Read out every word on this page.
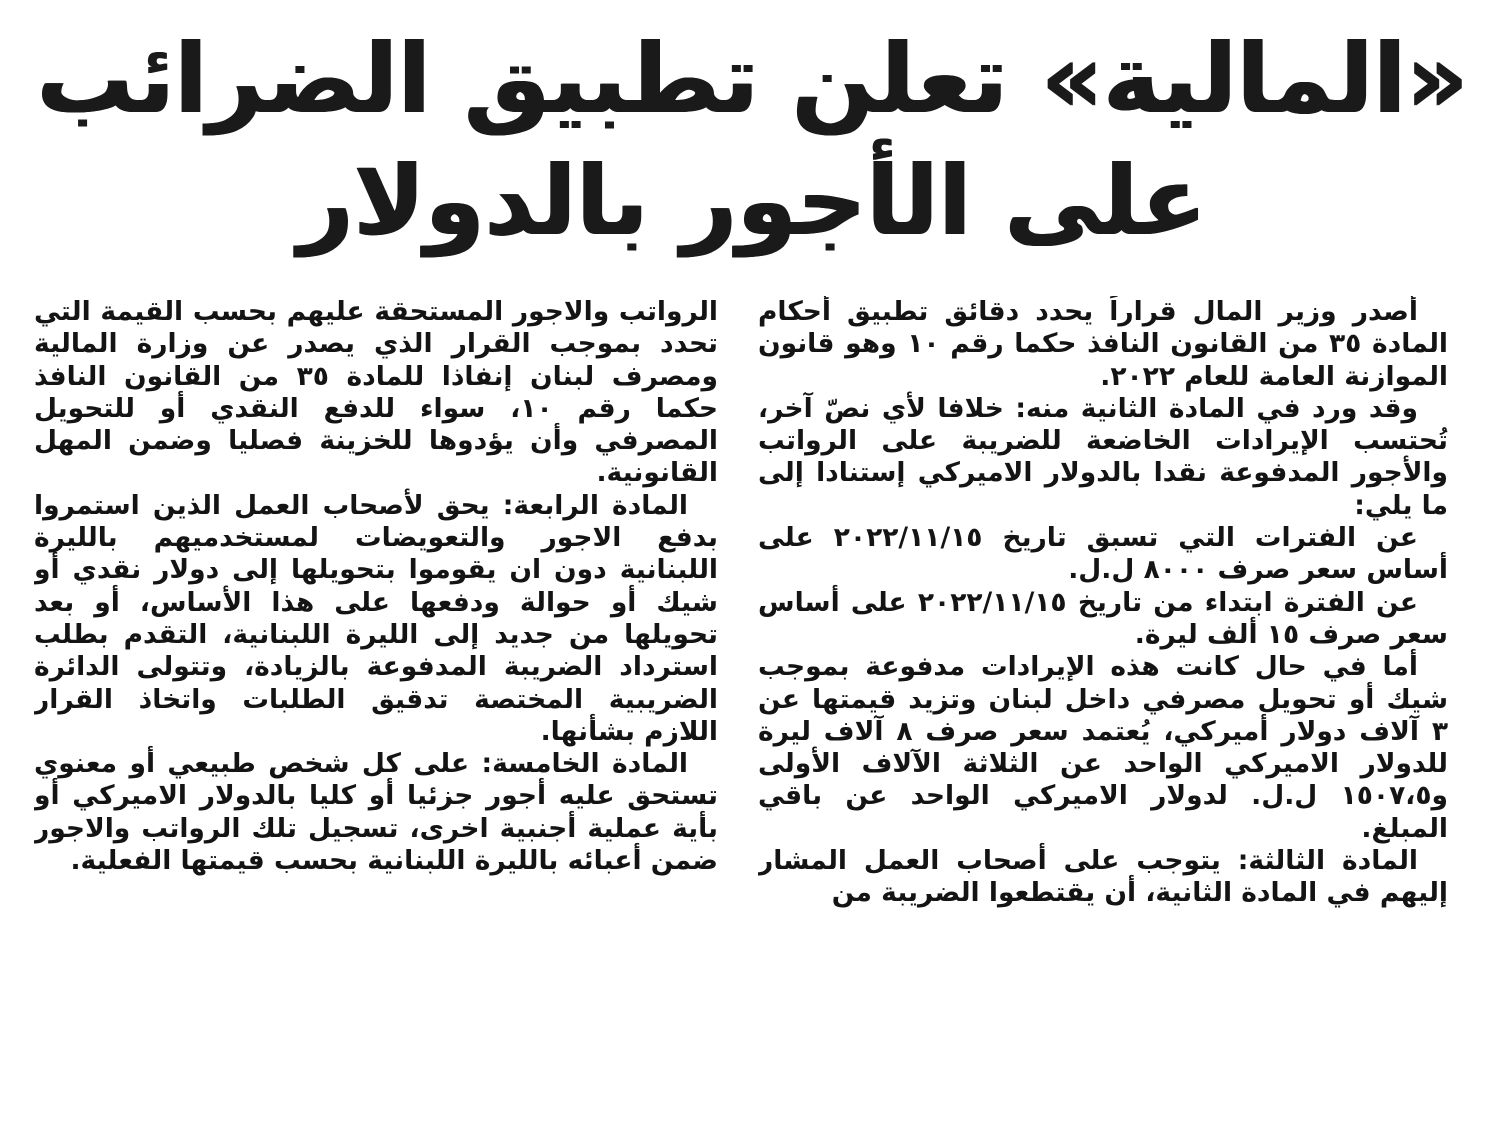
«المالية» تعلن تطبيق الضرائب
على الأجور بالدولار

أصدر وزير المال قراراً يحدد دقائق تطبيق أحكام المادة ٣٥ من القانون النافذ حكما رقم ١٠ وهو قانون الموازنة العامة للعام ٢٠٢٢.

وقد ورد في المادة الثانية منه: خلافا لأي نصّ آخر، تُحتسب الإيرادات الخاضعة للضريبة على الرواتب والأجور المدفوعة نقدا بالدولار الاميركي إستنادا إلى ما يلي:

عن الفترات التي تسبق تاريخ ٢٠٢٢/١١/١٥ على أساس سعر صرف ٨٠٠٠ ل.ل.

عن الفترة ابتداء من تاريخ ٢٠٢٢/١١/١٥ على أساس سعر صرف ١٥ ألف ليرة.

أما في حال كانت هذه الإيرادات مدفوعة بموجب شيك أو تحويل مصرفي داخل لبنان وتزيد قيمتها عن ٣ آلاف دولار أميركي، يُعتمد سعر صرف ٨ آلاف ليرة للدولار الاميركي الواحد عن الثلاثة الآلاف الأولى و١٥٠٧،٥ ل.ل. لدولار الاميركي الواحد عن باقي المبلغ.

المادة الثالثة: يتوجب على أصحاب العمل المشار إليهم في المادة الثانية، أن يقتطعوا الضريبة من

الرواتب والاجور المستحقة عليهم بحسب القيمة التي تحدد بموجب القرار الذي يصدر عن وزارة المالية ومصرف لبنان إنفاذا للمادة ٣٥ من القانون النافذ حكما رقم ١٠، سواء للدفع النقدي أو للتحويل المصرفي وأن يؤدوها للخزينة فصليا وضمن المهل القانونية.

المادة الرابعة: يحق لأصحاب العمل الذين استمروا بدفع الاجور والتعويضات لمستخدميهم بالليرة اللبنانية دون ان يقوموا بتحويلها إلى دولار نقدي أو شيك أو حوالة ودفعها على هذا الأساس، أو بعد تحويلها من جديد إلى الليرة اللبنانية، التقدم بطلب استرداد الضريبة المدفوعة بالزيادة، وتتولى الدائرة الضريبية المختصة تدقيق الطلبات واتخاذ القرار اللازم بشأنها.

المادة الخامسة: على كل شخص طبيعي أو معنوي تستحق عليه أجور جزئيا أو كليا بالدولار الاميركي أو بأية عملية أجنبية اخرى، تسجيل تلك الرواتب والاجور ضمن أعبائه بالليرة اللبنانية بحسب قيمتها الفعلية.
